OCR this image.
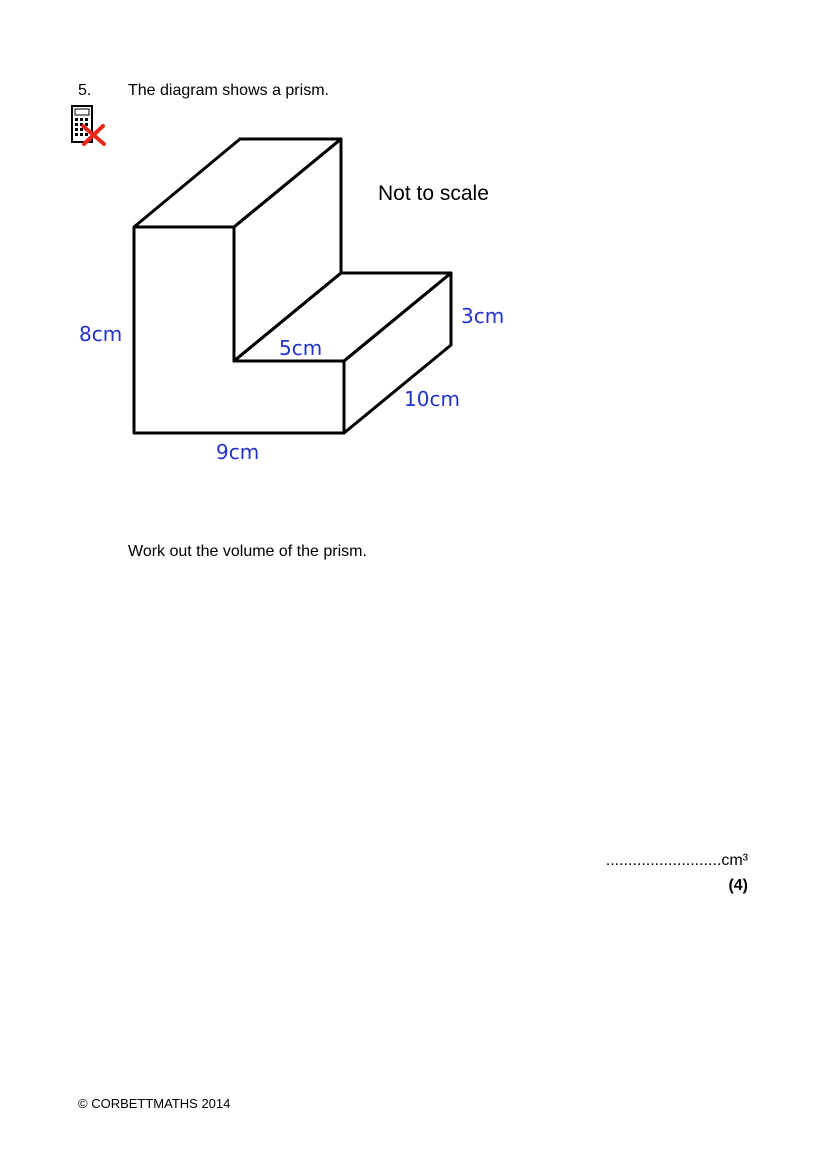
5. The diagram shows a prism.
Not to scale
8cm
9cm
5cm
3cm
10cm
Work out the volume of the prism.
..........................cm³
(4)
© CORBETTMATHS 2014
